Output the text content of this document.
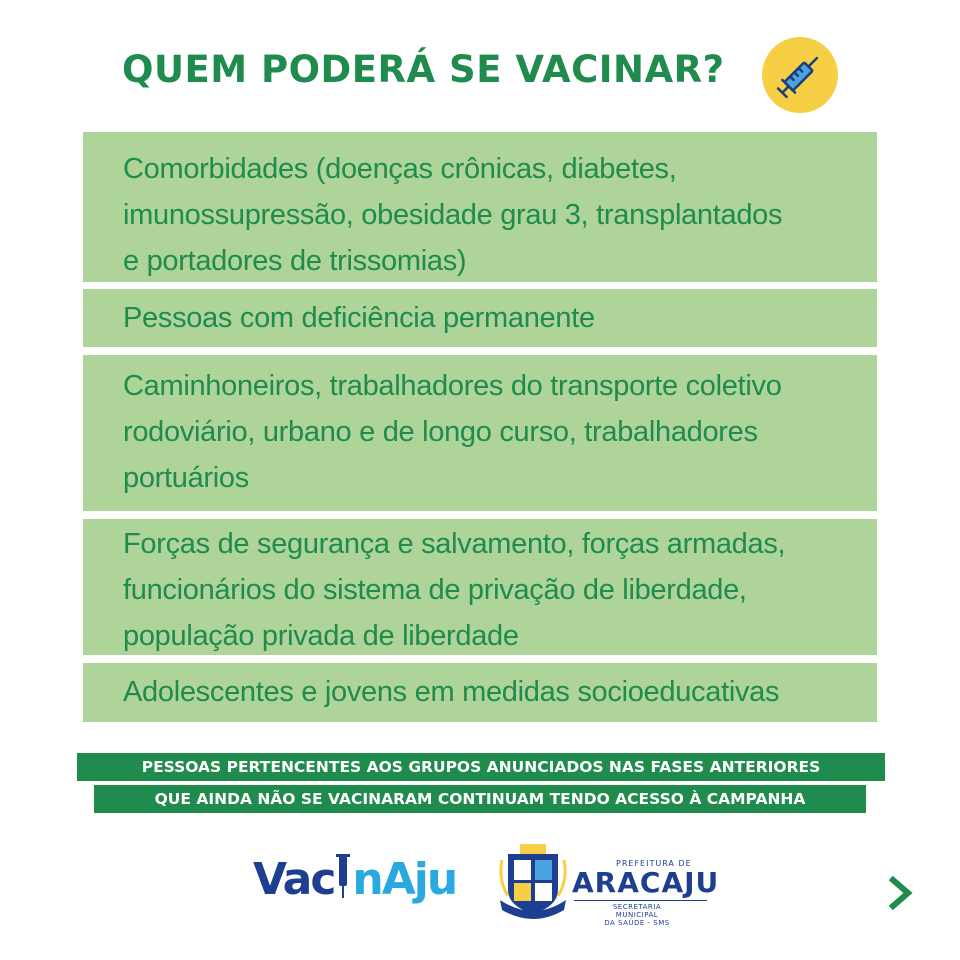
QUEM PODERÁ SE VACINAR?
Comorbidades (doenças crônicas, diabetes,
imunossupressão, obesidade grau 3, transplantados
e portadores de trissomias)
Pessoas com deficiência permanente
Caminhoneiros, trabalhadores do transporte coletivo
rodoviário, urbano e de longo curso, trabalhadores
portuários
Forças de segurança e salvamento, forças armadas,
funcionários do sistema de privação de liberdade,
população privada de liberdade
Adolescentes e jovens em medidas socioeducativas
PESSOAS PERTENCENTES AOS GRUPOS ANUNCIADOS NAS FASES ANTERIORES
QUE AINDA NÃO SE VACINARAM CONTINUAM TENDO ACESSO À CAMPANHA
Vac nAju	PREFEITURA DE
ARACAJU
SECRETARIA MUNICIPAL
DA SAÚDE - SMS
